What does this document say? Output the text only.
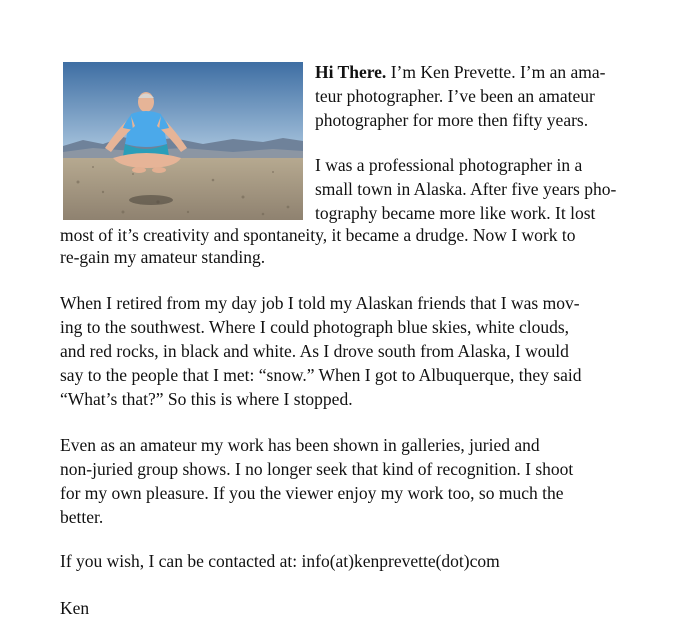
Hi There. I’m Ken Prevette. I’m an ama-
teur photographer. I’ve been an amateur
photographer for more then fifty years.
I was a professional photographer in a
small town in Alaska. After five years pho-
tography became more like work. It lost
most of it’s creativity and spontaneity, it became a drudge. Now I work to
re-gain my amateur standing.
When I retired from my day job I told my Alaskan friends that I was mov-
ing to the southwest. Where I could photograph blue skies, white clouds,
and red rocks, in black and white. As I drove south from Alaska, I would
say to the people that I met: “snow.” When I got to Albuquerque, they said
“What’s that?” So this is where I stopped.
Even as an amateur my work has been shown in galleries, juried and
non-juried group shows. I no longer seek that kind of recognition. I shoot
for my own pleasure. If you the viewer enjoy my work too, so much the
better.
If you wish, I can be contacted at: info(at)kenprevette(dot)com
Ken
